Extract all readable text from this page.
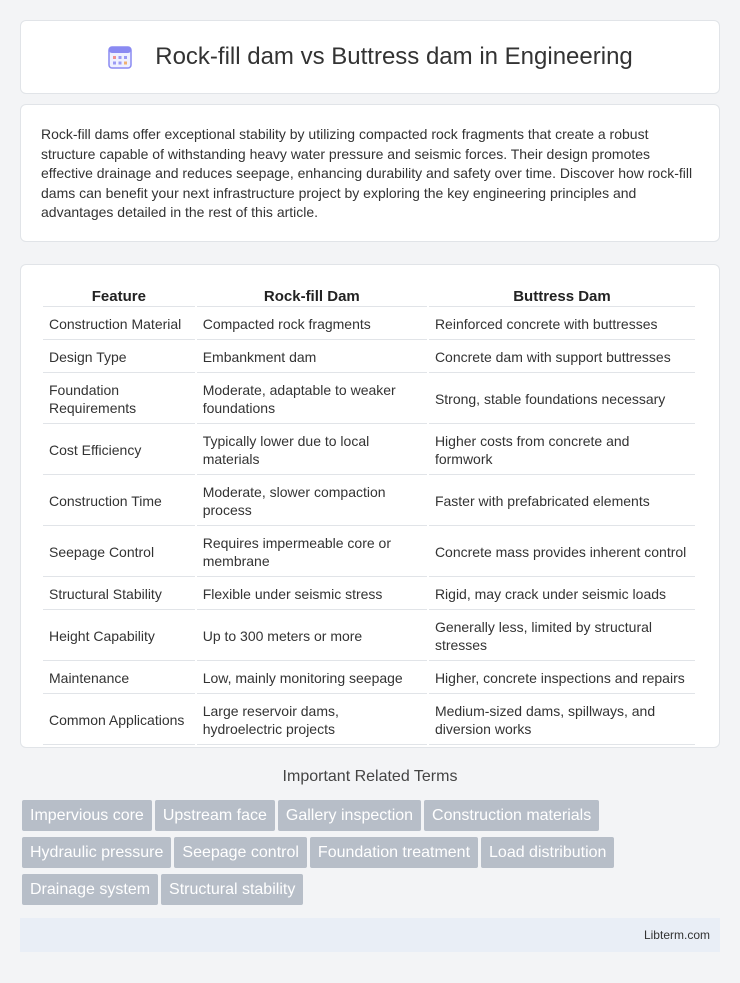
Rock-fill dam vs Buttress dam in Engineering

Rock-fill dams offer exceptional stability by utilizing compacted rock fragments that create a robust structure capable of withstanding heavy water pressure and seismic forces. Their design promotes effective drainage and reduces seepage, enhancing durability and safety over time. Discover how rock-fill dams can benefit your next infrastructure project by exploring the key engineering principles and advantages detailed in the rest of this article.

Feature	Rock-fill Dam	Buttress Dam
Construction Material	Compacted rock fragments	Reinforced concrete with buttresses
Design Type	Embankment dam	Concrete dam with support buttresses
Foundation Requirements	Moderate, adaptable to weaker foundations	Strong, stable foundations necessary
Cost Efficiency	Typically lower due to local materials	Higher costs from concrete and formwork
Construction Time	Moderate, slower compaction process	Faster with prefabricated elements
Seepage Control	Requires impermeable core or membrane	Concrete mass provides inherent control
Structural Stability	Flexible under seismic stress	Rigid, may crack under seismic loads
Height Capability	Up to 300 meters or more	Generally less, limited by structural stresses
Maintenance	Low, mainly monitoring seepage	Higher, concrete inspections and repairs
Common Applications	Large reservoir dams, hydroelectric projects	Medium-sized dams, spillways, and diversion works
Important Related Terms
Impervious core Upstream face Gallery inspection Construction materialsHydraulic pressure Seepage control Foundation treatment Load distributionDrainage system Structural stability
Libterm.com
